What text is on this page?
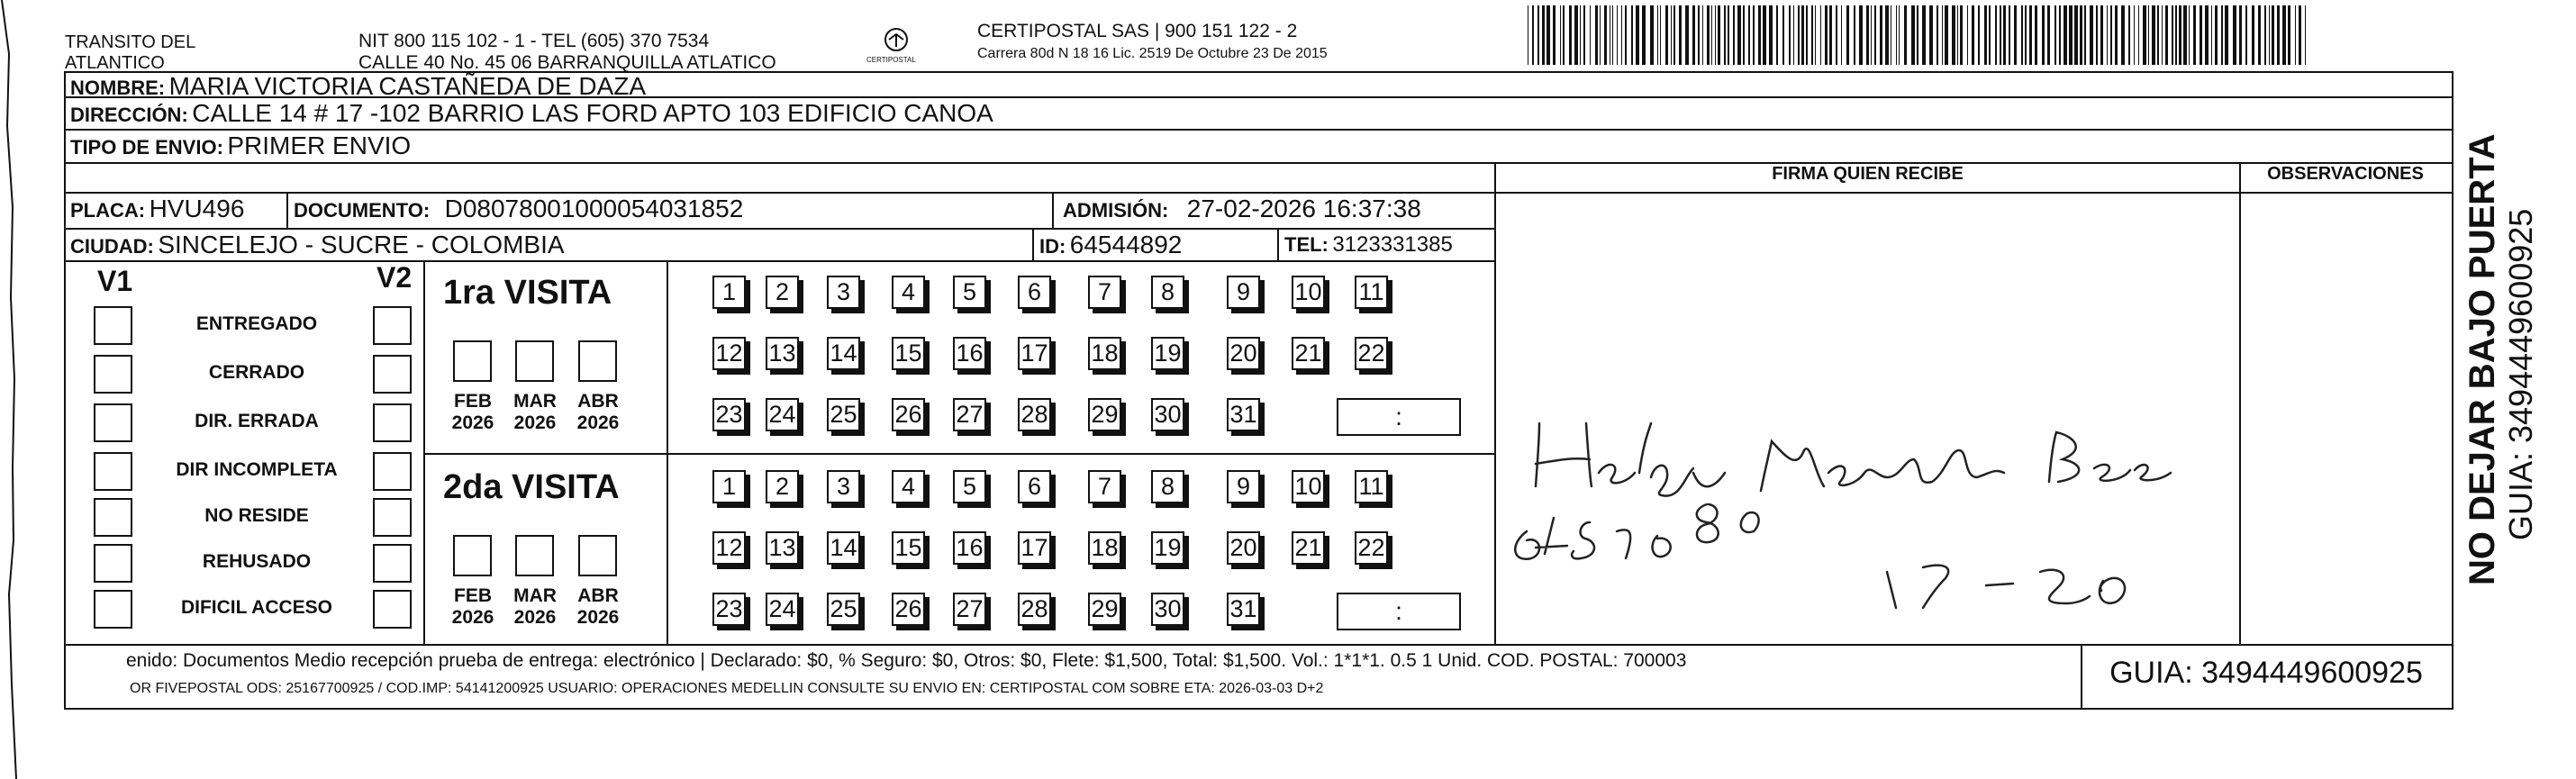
TRANSITO DEL
ATLANTICO
NIT 800 115 102 - 1 - TEL (605) 370 7534
CALLE 40 No. 45 06 BARRANQUILLA ATLATICO	CERTIPOSTAL
CERTIPOSTAL SAS | 900 151 122 - 2
Carrera 80d N 18 16 Lic. 2519 De Octubre 23 De 2015
NOMBRE: MARIA VICTORIA CASTAÑEDA DE DAZA
DIRECCIÓN: CALLE 14 # 17 -102 BARRIO LAS FORD APTO 103 EDIFICIO CANOA
TIPO DE ENVIO: PRIMER ENVIO
FIRMA QUIEN RECIBE	OBSERVACIONES
PLACA: HVU496 DOCUMENTO: D08078001000054031852	ADMISIÓN: 27-02-2026 16:37:38
CIUDAD: SINCELEJO - SUCRE - COLOMBIA	ID: 64544892	TEL: 3123331385
V1	V2
ENTREGADO
CERRADO
DIR. ERRADA
DIR INCOMPLETA
NO RESIDE
REHUSADO
DIFICIL ACCESO
1ra VISITA
FEB
2026
MAR
2026
ABR
2026
1	2	3	4	5	6	7	8	9	10 11
12 13 14 15 16 17 18 19 20 21 22
23 24 25 26 27 28 29 30 31	:
2da VISITA
FEB
2026
MAR
2026
ABR
2026
1	2	3	4	5	6	7	8	9	10 11
12 13 14 15 16 17 18 19 20 21 22
23 24 25 26 27 28 29 30 31	:
enido: Documentos Medio recepción prueba de entrega: electrónico | Declarado: $0, % Seguro: $0, Otros: $0, Flete: $1,500, Total: $1,500. Vol.: 1*1*1. 0.5 1 Unid. COD. POSTAL: 700003
OR FIVEPOSTAL ODS: 25167700925 / COD.IMP: 54141200925 USUARIO: OPERACIONES MEDELLIN CONSULTE SU ENVIO EN: CERTIPOSTAL COM SOBRE ETA: 2026-03-03 D+2	GUIA: 3494449600925
NO DEJAR BAJO PUERTA GUIA: 3494449600925
